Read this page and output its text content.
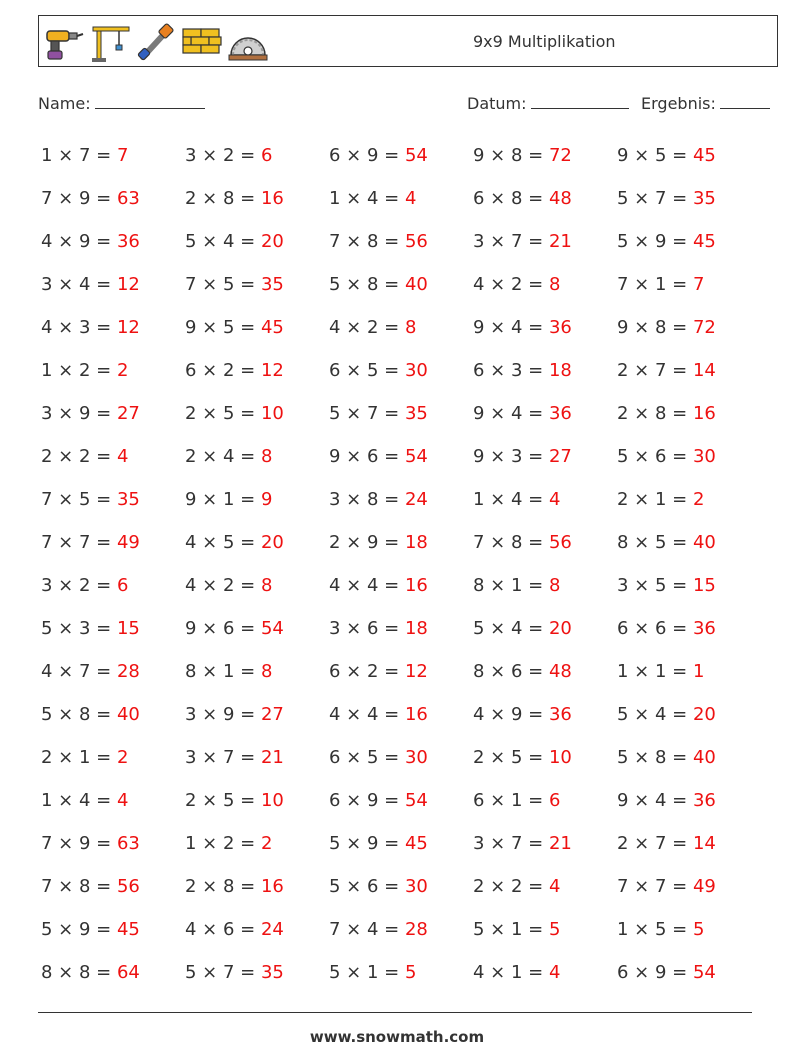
9x9 Multiplikation
Name:	Datum:	Ergebnis:
1 × 7 = 7	3 × 2 = 6	6 × 9 = 54	9 × 8 = 72	9 × 5 = 45
7 × 9 = 63	2 × 8 = 16	1 × 4 = 4	6 × 8 = 48	5 × 7 = 35
4 × 9 = 36	5 × 4 = 20	7 × 8 = 56	3 × 7 = 21	5 × 9 = 45
3 × 4 = 12	7 × 5 = 35	5 × 8 = 40	4 × 2 = 8	7 × 1 = 7
4 × 3 = 12	9 × 5 = 45	4 × 2 = 8	9 × 4 = 36	9 × 8 = 72
1 × 2 = 2	6 × 2 = 12	6 × 5 = 30	6 × 3 = 18	2 × 7 = 14
3 × 9 = 27	2 × 5 = 10	5 × 7 = 35	9 × 4 = 36	2 × 8 = 16
2 × 2 = 4	2 × 4 = 8	9 × 6 = 54	9 × 3 = 27	5 × 6 = 30
7 × 5 = 35	9 × 1 = 9	3 × 8 = 24	1 × 4 = 4	2 × 1 = 2
7 × 7 = 49	4 × 5 = 20	2 × 9 = 18	7 × 8 = 56	8 × 5 = 40
3 × 2 = 6	4 × 2 = 8	4 × 4 = 16	8 × 1 = 8	3 × 5 = 15
5 × 3 = 15	9 × 6 = 54	3 × 6 = 18	5 × 4 = 20	6 × 6 = 36
4 × 7 = 28	8 × 1 = 8	6 × 2 = 12	8 × 6 = 48	1 × 1 = 1
5 × 8 = 40	3 × 9 = 27	4 × 4 = 16	4 × 9 = 36	5 × 4 = 20
2 × 1 = 2	3 × 7 = 21	6 × 5 = 30	2 × 5 = 10	5 × 8 = 40
1 × 4 = 4	2 × 5 = 10	6 × 9 = 54	6 × 1 = 6	9 × 4 = 36
7 × 9 = 63	1 × 2 = 2	5 × 9 = 45	3 × 7 = 21	2 × 7 = 14
7 × 8 = 56	2 × 8 = 16	5 × 6 = 30	2 × 2 = 4	7 × 7 = 49
5 × 9 = 45	4 × 6 = 24	7 × 4 = 28	5 × 1 = 5	1 × 5 = 5
8 × 8 = 64	5 × 7 = 35	5 × 1 = 5	4 × 1 = 4	6 × 9 = 54
www.snowmath.com
